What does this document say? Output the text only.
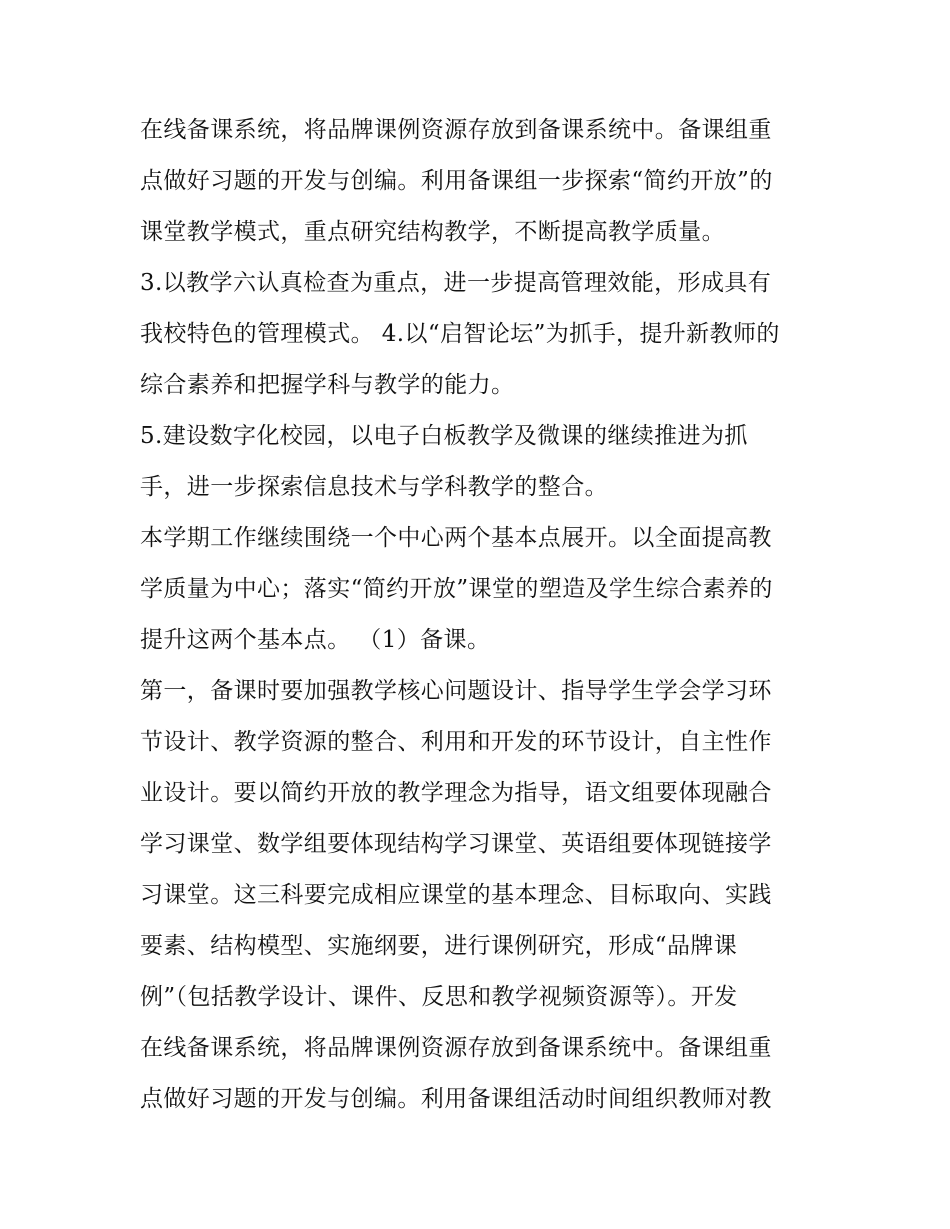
在线备课系统，将品牌课例资源存放到备课系统中。备课组重
点做好习题的开发与创编。利用备课组一步探索“简约开放”的
课堂教学模式，重点研究结构教学，不断提高教学质量。
3.以教学六认真检查为重点，进一步提高管理效能，形成具有
我校特色的管理模式。 4.以“启智论坛”为抓手，提升新教师的
综合素养和把握学科与教学的能力。
5.建设数字化校园，以电子白板教学及微课的继续推进为抓
手，进一步探索信息技术与学科教学的整合。
本学期工作继续围绕一个中心两个基本点展开。以全面提高教
学质量为中心；落实“简约开放”课堂的塑造及学生综合素养的
提升这两个基本点。 （1）备课。
第一，备课时要加强教学核心问题设计、指导学生学会学习环
节设计、教学资源的整合、利用和开发的环节设计，自主性作
业设计。要以简约开放的教学理念为指导，语文组要体现融合
学习课堂、数学组要体现结构学习课堂、英语组要体现链接学
习课堂。这三科要完成相应课堂的基本理念、目标取向、实践
要素、结构模型、实施纲要，进行课例研究，形成“品牌课
例”（包括教学设计、课件、反思和教学视频资源等）。开发
在线备课系统，将品牌课例资源存放到备课系统中。备课组重
点做好习题的开发与创编。利用备课组活动时间组织教师对教
